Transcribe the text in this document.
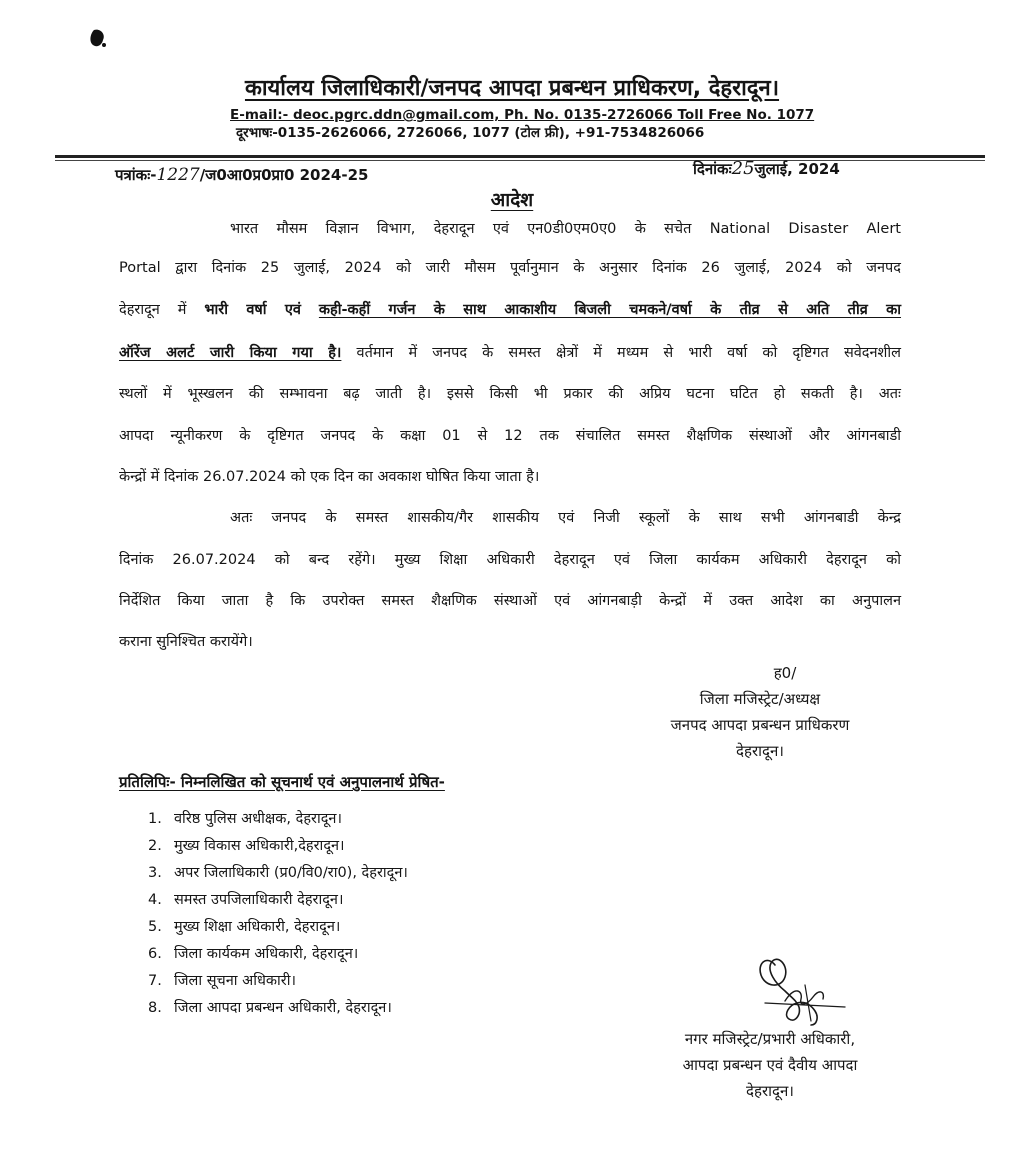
कार्यालय जिलाधिकारी/जनपद आपदा प्रबन्धन प्राधिकरण, देहरादून।
E-mail:- deoc.pgrc.ddn@gmail.com, Ph. No. 0135-2726066 Toll Free No. 1077
दूरभाषः-0135-2626066, 2726066, 1077 (टोल फ्री), +91-7534826066
पत्रांकः-1227/ज0आ0प्र0प्रा0 2024-25	दिनांकः25जुलाई, 2024
आदेश
भारत मौसम विज्ञान विभाग, देहरादून एवं एन0डी0एम0ए0 के सचेत National Disaster Alert
Portal द्वारा दिनांक 25 जुलाई, 2024 को जारी मौसम पूर्वानुमान के अनुसार दिनांक 26 जुलाई, 2024 को जनपद
देहरादून में भारी वर्षा एवं कही-कहीं गर्जन के साथ आकाशीय बिजली चमकने/वर्षा के तीव्र से अति तीव्र का
ऑरेंज अलर्ट जारी किया गया है। वर्तमान में जनपद के समस्त क्षेत्रों में मध्यम से भारी वर्षा को दृष्टिगत सवेदनशील
स्थलों में भूस्खलन की सम्भावना बढ़ जाती है। इससे किसी भी प्रकार की अप्रिय घटना घटित हो सकती है। अतः
आपदा न्यूनीकरण के दृष्टिगत जनपद के कक्षा 01 से 12 तक संचालित समस्त शैक्षणिक संस्थाओं और आंगनबाडी
केन्द्रों में दिनांक 26.07.2024 को एक दिन का अवकाश घोषित किया जाता है।
अतः जनपद के समस्त शासकीय/गैर शासकीय एवं निजी स्कूलों के साथ सभी आंगनबाडी केन्द्र
दिनांक 26.07.2024 को बन्द रहेंगे। मुख्य शिक्षा अधिकारी देहरादून एवं जिला कार्यकम अधिकारी देहरादून को
निर्देशित किया जाता है कि उपरोक्त समस्त शैक्षणिक संस्थाओं एवं आंगनबाड़ी केन्द्रों में उक्त आदेश का अनुपालन
कराना सुनिश्चित करायेंगे।
ह0/
जिला मजिस्ट्रेट/अध्यक्ष
जनपद आपदा प्रबन्धन प्राधिकरण
देहरादून।
प्रतिलिपिः- निम्नलिखित को सूचनार्थ एवं अनुपालनार्थ प्रेषित-
1. वरिष्ठ पुलिस अधीक्षक, देहरादून।
2. मुख्य विकास अधिकारी,देहरादून।
3. अपर जिलाधिकारी (प्र0/वि0/रा0), देहरादून।
4. समस्त उपजिलाधिकारी देहरादून।
5. मुख्य शिक्षा अधिकारी, देहरादून।
6. जिला कार्यकम अधिकारी, देहरादून।
7. जिला सूचना अधिकारी।
8. जिला आपदा प्रबन्धन अधिकारी, देहरादून।
नगर मजिस्ट्रेट/प्रभारी अधिकारी,
आपदा प्रबन्धन एवं दैवीय आपदा
देहरादून।
